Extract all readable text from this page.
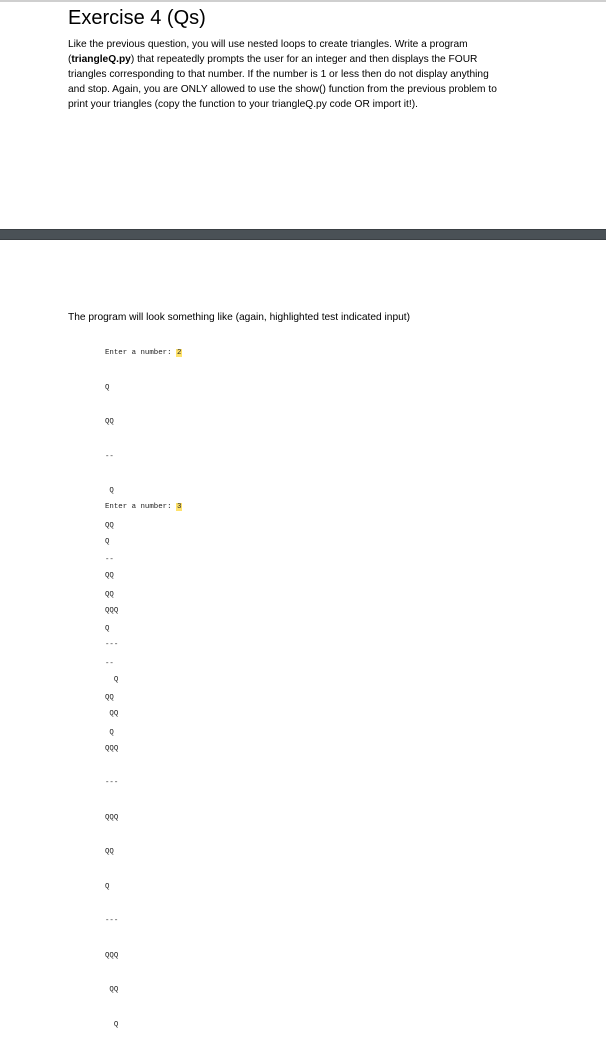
Exercise 4 (Qs)
Like the previous question, you will use nested loops to create triangles. Write a program
(triangleQ.py) that repeatedly prompts the user for an integer and then displays the FOUR
triangles corresponding to that number. If the number is 1 or less then do not display anything
and stop. Again, you are ONLY allowed to use the show() function from the previous problem to
print your triangles (copy the function to your triangleQ.py code OR import it!).

The program will look something like (again, highlighted test indicated input)

Enter a number: 2

Q

QQ

--

Q

QQ

--

QQ

Q

--

QQ

Q

Enter a number: 3

Q

QQ

QQQ

---

Q

QQ

QQQ

---

QQQ

QQ

Q

---

QQQ

QQ

Q
